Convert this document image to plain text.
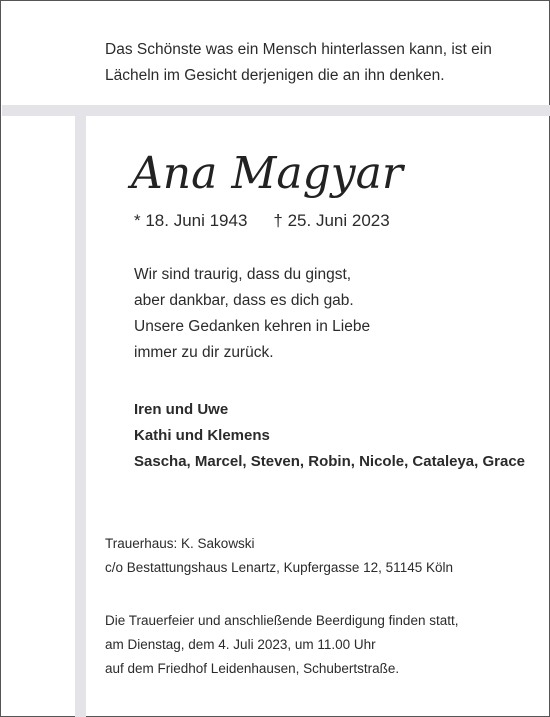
Das Schönste was ein Mensch hinterlassen kann, ist ein
Lächeln im Gesicht derjenigen die an ihn denken.
Ana Magyar
* 18. Juni 1943 † 25. Juni 2023
Wir sind traurig, dass du gingst,
aber dankbar, dass es dich gab.
Unsere Gedanken kehren in Liebe
immer zu dir zurück.
Iren und Uwe
Kathi und Klemens
Sascha, Marcel, Steven, Robin, Nicole, Cataleya, Grace
Trauerhaus: K. Sakowski
c/o Bestattungshaus Lenartz, Kupfergasse 12, 51145 Köln
Die Trauerfeier und anschließende Beerdigung finden statt,
am Dienstag, dem 4. Juli 2023, um 11.00 Uhr
auf dem Friedhof Leidenhausen, Schubertstraße.
